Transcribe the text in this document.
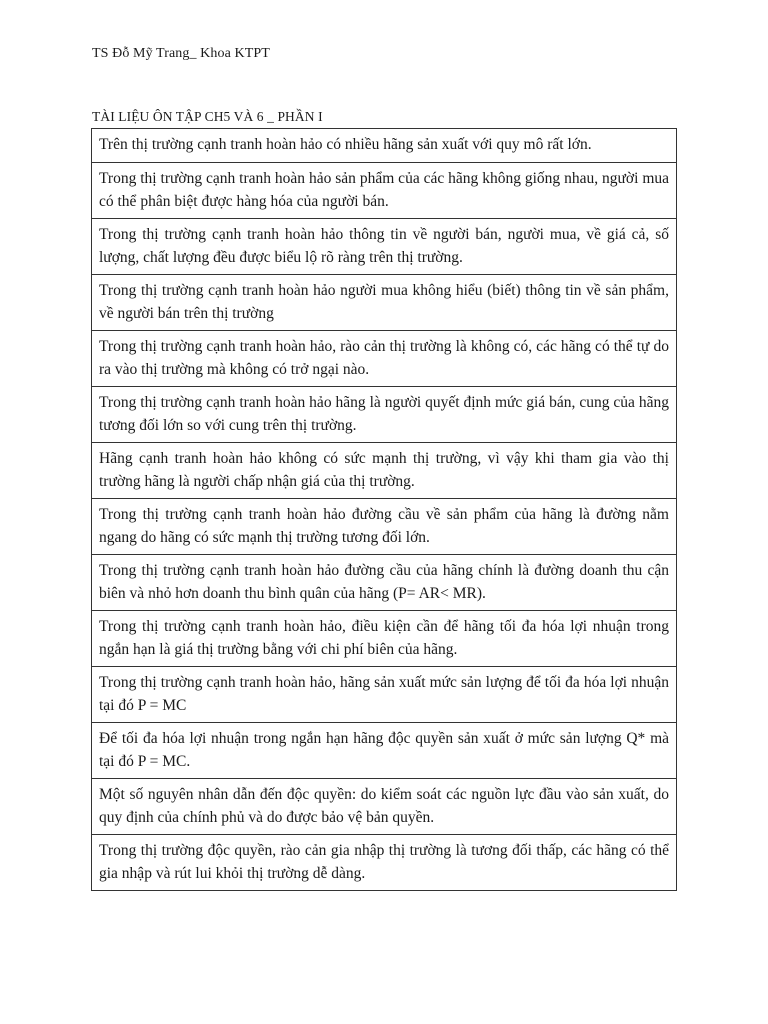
TS Đỗ Mỹ Trang_ Khoa KTPT
TÀI LIỆU ÔN TẬP CH5 VÀ 6 _ PHẦN I
Trên thị trường cạnh tranh hoàn hảo có nhiều hãng sản xuất với quy mô rất lớn.
Trong thị trường cạnh tranh hoàn hảo sản phẩm của các hãng không giống nhau, người mua có thể phân biệt được hàng hóa của người bán.
Trong thị trường cạnh tranh hoàn hảo thông tin về người bán, người mua, về giá cả, số lượng, chất lượng đều được biểu lộ rõ ràng trên thị trường.
Trong thị trường cạnh tranh hoàn hảo người mua không hiểu (biết) thông tin về sản phẩm, về người bán trên thị trường
Trong thị trường cạnh tranh hoàn hảo, rào cản thị trường là không có, các hãng có thể tự do ra vào thị trường mà không có trở ngại nào.
Trong thị trường cạnh tranh hoàn hảo hãng là người quyết định mức giá bán, cung của hãng tương đối lớn so với cung trên thị trường.
Hãng cạnh tranh hoàn hảo không có sức mạnh thị trường, vì vậy khi tham gia vào thị trường hãng là người chấp nhận giá của thị trường.
Trong thị trường cạnh tranh hoàn hảo đường cầu về sản phẩm của hãng là đường nằm ngang do hãng có sức mạnh thị trường tương đối lớn.
Trong thị trường cạnh tranh hoàn hảo đường cầu của hãng chính là đường doanh thu cận biên và nhỏ hơn doanh thu bình quân của hãng (P= AR< MR).
Trong thị trường cạnh tranh hoàn hảo, điều kiện cần để hãng tối đa hóa lợi nhuận trong ngắn hạn là giá thị trường bằng với chi phí biên của hãng.
Trong thị trường cạnh tranh hoàn hảo, hãng sản xuất mức sản lượng để tối đa hóa lợi nhuận tại đó P = MC
Để tối đa hóa lợi nhuận trong ngắn hạn hãng độc quyền sản xuất ở mức sản lượng Q* mà tại đó P = MC.
Một số nguyên nhân dẫn đến độc quyền: do kiểm soát các nguồn lực đầu vào sản xuất, do quy định của chính phủ và do được bảo vệ bản quyền.
Trong thị trường độc quyền, rào cản gia nhập thị trường là tương đối thấp, các hãng có thể gia nhập và rút lui khỏi thị trường dễ dàng.
